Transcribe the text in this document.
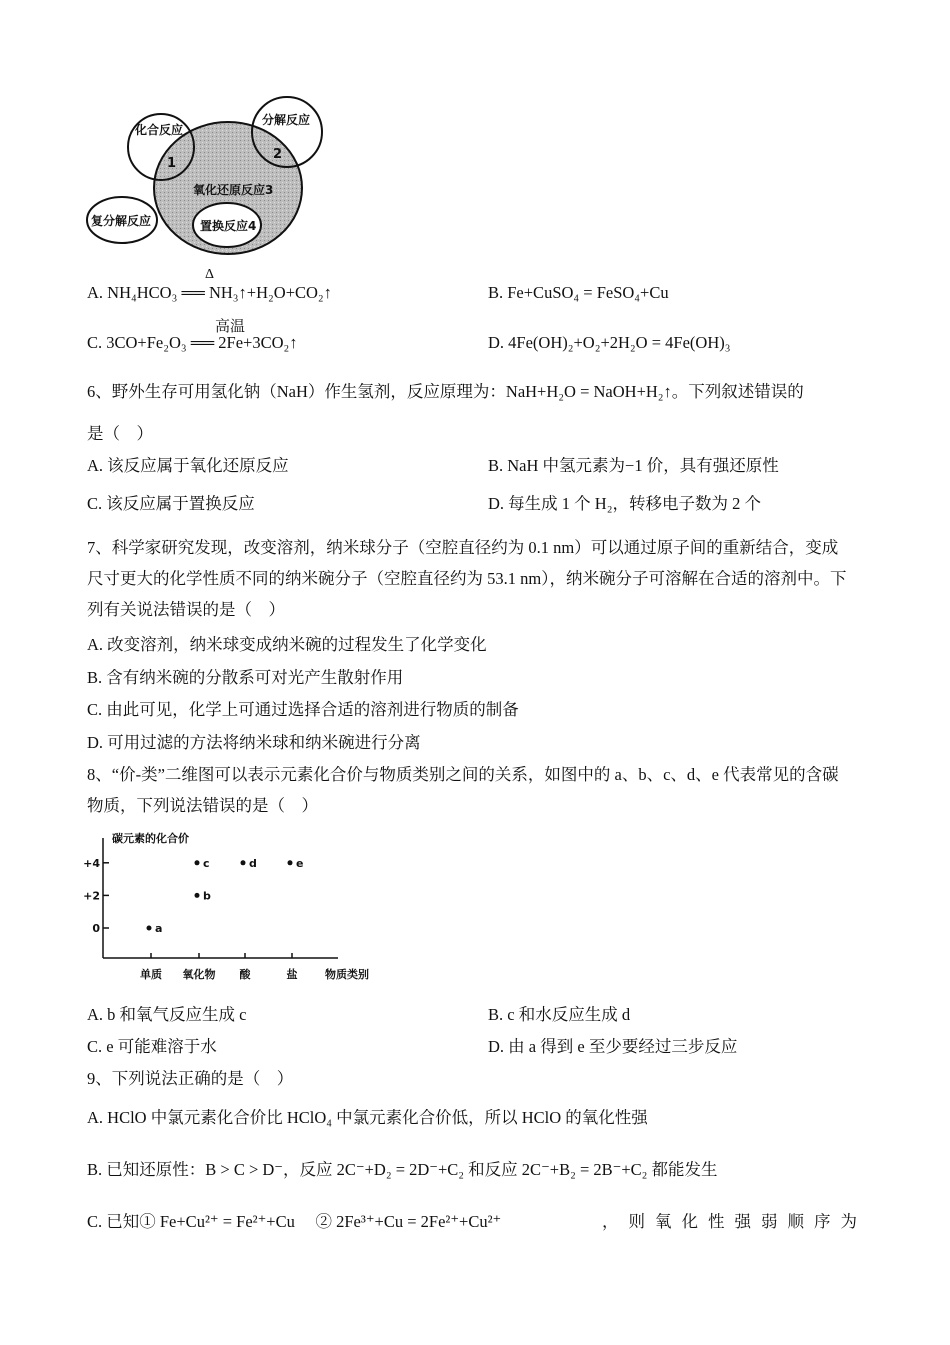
化合反应
分解反应
氧化还原反应3
复分解反应	置换反应4
1
2
A. NH₄HCO₃ ══ NH₃↑+H₂O+CO₂↑
Δ
B. Fe+CuSO₄ = FeSO₄+Cu
C. 3CO+Fe₂O₃ ══ 2Fe+3CO₂↑
高温
D. 4Fe(OH)₂+O₂+2H₂O = 4Fe(OH)₃
6、野外生存可用氢化钠（NaH）作生氢剂，反应原理为：NaH+H₂O = NaOH+H₂↑。下列叙述错误的
是（　）
A. 该反应属于氧化还原反应	B. NaH 中氢元素为−1 价，具有强还原性
C. 该反应属于置换反应	D. 每生成 1 个 H₂，转移电子数为 2 个
7、科学家研究发现，改变溶剂，纳米球分子（空腔直径约为 0.1 nm）可以通过原子间的重新结合，变成
尺寸更大的化学性质不同的纳米碗分子（空腔直径约为 53.1 nm），纳米碗分子可溶解在合适的溶剂中。下
列有关说法错误的是（　）
A. 改变溶剂，纳米球变成纳米碗的过程发生了化学变化
B. 含有纳米碗的分散系可对光产生散射作用
C. 由此可见，化学上可通过选择合适的溶剂进行物质的制备
D. 可用过滤的方法将纳米球和纳米碗进行分离
8、“价-类”二维图可以表示元素化合价与物质类别之间的关系，如图中的 a、b、c、d、e 代表常见的含碳
物质，下列说法错误的是（　）
碳元素的化合价
物质类别
单质 氧化物 酸	盐
+4
+2
0	a
b
c	d	e
A. b 和氧气反应生成 c	B. c 和水反应生成 d
C. e 可能难溶于水	D. 由 a 得到 e 至少要经过三步反应
9、下列说法正确的是（　）
A. HClO 中氯元素化合价比 HClO₄ 中氯元素化合价低，所以 HClO 的氧化性强
B. 已知还原性：B > C > D⁻，反应 2C⁻+D₂ = 2D⁻+C₂ 和反应 2C⁻+B₂ = 2B⁻+C₂ 都能发生
C. 已知① Fe+Cu²⁺ = Fe²⁺+Cu　 ② 2Fe³⁺+Cu = 2Fe²⁺+Cu²⁺	，则氧化性强弱顺序为
